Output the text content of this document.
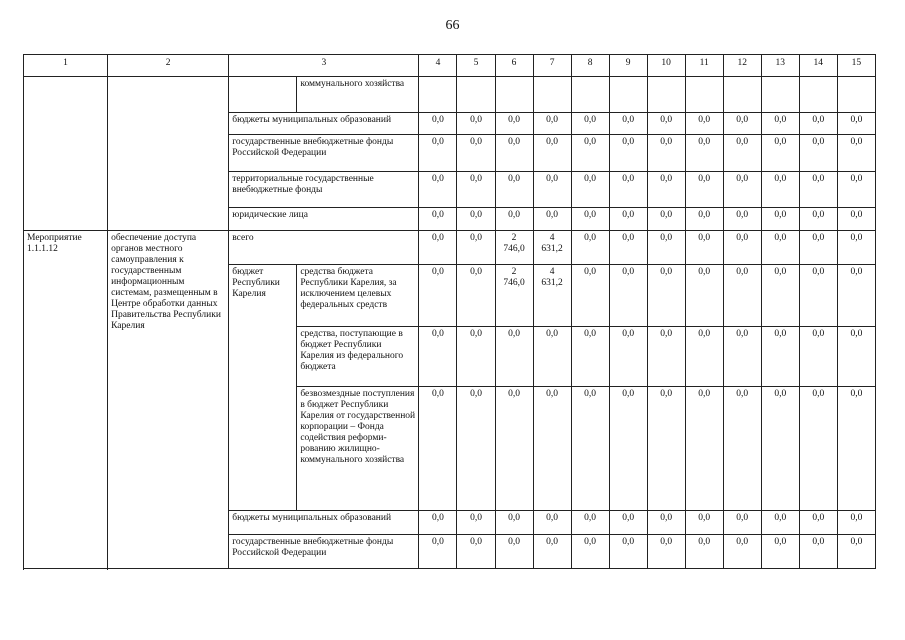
66
1	2	3		4	5	6	7	8	9	10	11	12	13	14	15
			коммунального хозяйства												
		бюджеты муниципальных образований		0,0	0,0	0,0	0,0	0,0	0,0	0,0	0,0	0,0	0,0	0,0	0,0
		государственные внебюджетные фонды Российской Федерации		0,0	0,0	0,0	0,0	0,0	0,0	0,0	0,0	0,0	0,0	0,0	0,0
		территориальные государственные внебюджетные фонды		0,0	0,0	0,0	0,0	0,0	0,0	0,0	0,0	0,0	0,0	0,0	0,0
		юридические лица		0,0	0,0	0,0	0,0	0,0	0,0	0,0	0,0	0,0	0,0	0,0	0,0
Мероприятие 1.1.1.12	обеспечение доступа органов местного самоуправления к государственным информационным системам, размещенным в Центре обработки данных Правительства Республики Карелия	всего		0,0	0,0	2 746,0	4 631,2	0,0	0,0	0,0	0,0	0,0	0,0	0,0	0,0
		бюджет Республики Карелия	средства бюджета Республики Карелия, за исключением целевых федеральных средств	0,0	0,0	2 746,0	4 631,2	0,0	0,0	0,0	0,0	0,0	0,0	0,0	0,0
			средства, поступающие в бюджет Республики Карелия из федерального бюджета	0,0	0,0	0,0	0,0	0,0	0,0	0,0	0,0	0,0	0,0	0,0	0,0
			безвозмездные поступления в бюджет Республики Карелия от государственной корпорации – Фонда содействия реформированию жилищно-коммунального хозяйства	0,0	0,0	0,0	0,0	0,0	0,0	0,0	0,0	0,0	0,0	0,0	0,0
		бюджеты муниципальных образований		0,0	0,0	0,0	0,0	0,0	0,0	0,0	0,0	0,0	0,0	0,0	0,0
		государственные внебюджетные фонды Российской Федерации		0,0	0,0	0,0	0,0	0,0	0,0	0,0	0,0	0,0	0,0	0,0	0,0
